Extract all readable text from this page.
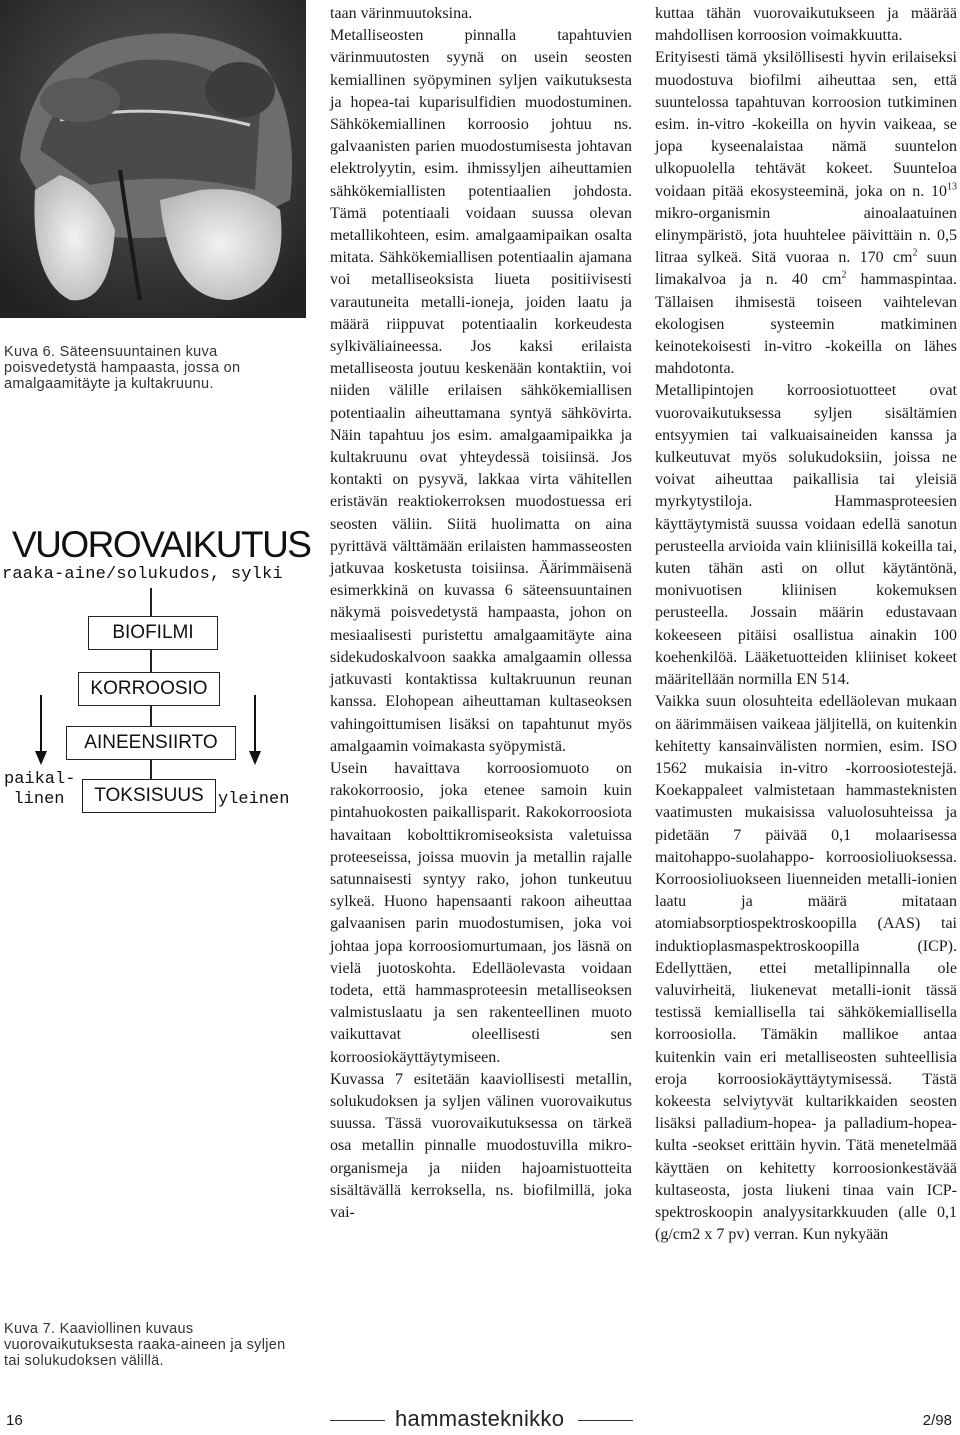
Kuva 6. Säteensuuntainen kuva poisvedetystä hampaasta, jossa on amalgaamitäyte ja kultakruunu.
VUOROVAIKUTUS
raaka-aine/solukudos, sylki
BIOFILMI
KORROOSIO
AINEENSIIRTO
TOKSISUUS
paikal-
linen	yleinen
Kuva 7. Kaaviollinen kuvaus vuorovaikutuksesta raaka-aineen ja syljen tai solukudoksen välillä.

taan värinmuutoksina.

Metalliseosten pinnalla tapahtuvien värinmuutosten syynä on usein seosten kemiallinen syöpyminen syljen vaikutuksesta ja hopea-tai kuparisulfidien muodostuminen. Sähkökemiallinen korroosio johtuu ns. galvaanisten parien muodostumisesta johtavan elektrolyytin, esim. ihmissyljen aiheuttamien sähkökemiallisten potentiaalien johdosta. Tämä potentiaali voidaan suussa olevan metallikohteen, esim. amalgaamipaikan osalta mitata. Sähkökemiallisen potentiaalin ajamana voi metalliseoksista liueta positiivisesti varautuneita metalli-ioneja, joiden laatu ja määrä riippuvat potentiaalin korkeudesta sylkiväliaineessa. Jos kaksi erilaista metalliseosta joutuu keskenään kontaktiin, voi niiden välille erilaisen sähkökemiallisen potentiaalin aiheuttamana syntyä sähkövirta. Näin tapahtuu jos esim. amalgaamipaikka ja kultakruunu ovat yhteydessä toisiinsä. Jos kontakti on pysyvä, lakkaa virta vähitellen eristävän reaktiokerroksen muodostuessa eri seosten väliin. Siitä huolimatta on aina pyrittävä välttämään erilaisten hammasseosten jatkuvaa kosketusta toisiinsa. Äärimmäisenä esimerkkinä on kuvassa 6 säteensuuntainen näkymä poisvedetystä hampaasta, johon on mesiaalisesti puristettu amalgaamitäyte aina sidekudoskalvoon saakka amalgaamin ollessa jatkuvasti kontaktissa kultakruunun reunan kanssa. Elohopean aiheuttaman kultaseoksen vahingoittumisen lisäksi on tapahtunut myös amalgaamin voimakasta syöpymistä.

Usein havaittava korroosiomuoto on rakokorroosio, joka etenee samoin kuin pintahuokosten paikallisparit. Rakokorroosiota havaitaan kobolttikromiseoksista valetuissa proteeseissa, joissa muovin ja metallin rajalle satunnaisesti syntyy rako, johon tunkeutuu sylkeä. Huono hapensaanti rakoon aiheuttaa galvaanisen parin muodostumisen, joka voi johtaa jopa korroosiomurtumaan, jos läsnä on vielä juotoskohta. Edelläolevasta voidaan todeta, että hammasproteesin metalliseoksen valmistuslaatu ja sen rakenteellinen muoto vaikuttavat oleellisesti sen korroosiokäyttäytymiseen.

Kuvassa 7 esitetään kaaviollisesti metallin, solukudoksen ja syljen välinen vuorovaikutus suussa. Tässä vuorovaikutuksessa on tärkeä osa metallin pinnalle muodostuvilla mikro-organismeja ja niiden hajoamistuotteita sisältävällä kerroksella, ns. biofilmillä, joka vai-

kuttaa tähän vuorovaikutukseen ja määrää mahdollisen korroosion voimakkuutta.

Erityisesti tämä yksilöllisesti hyvin erilaiseksi muodostuva biofilmi aiheuttaa sen, että suuntelossa tapahtuvan korroosion tutkiminen esim. in-vitro -kokeilla on hyvin vaikeaa, se jopa kyseenalaistaa nämä suuntelon ulkopuolella tehtävät kokeet. Suunteloa voidaan pitää ekosysteeminä, joka on n. $10^{13}$ mikro-organismin ainoalaatuinen elinympäristö, jota huuhtelee päivittäin n. 0,5 litraa sylkeä. Sitä vuoraa n. 170 $cm^2$ suun limakalvoa ja n. 40 $cm^2$ hammaspintaa. Tällaisen ihmisestä toiseen vaihtelevan ekologisen systeemin matkiminen keinotekoisesti in-vitro -kokeilla on lähes mahdotonta.

Metallipintojen korroosiotuotteet ovat vuorovaikutuksessa syljen sisältämien entsyymien tai valkuaisaineiden kanssa ja kulkeutuvat myös solukudoksiin, joissa ne voivat aiheuttaa paikallisia tai yleisiä myrkytystiloja. Hammasproteesien käyttäytymistä suussa voidaan edellä sanotun perusteella arvioida vain kliinisillä kokeilla tai, kuten tähän asti on ollut käytäntönä, monivuotisen kliinisen kokemuksen perusteella. Jossain määrin edustavaan kokeeseen pitäisi osallistua ainakin 100 koehenkilöä. Lääketuotteiden kliiniset kokeet määritellään normilla EN 514.

Vaikka suun olosuhteita edelläolevan mukaan on äärimmäisen vaikeaa jäljitellä, on kuitenkin kehitetty kansainvälisten normien, esim. ISO 1562 mukaisia in-vitro -korroosiotestejä. Koekappaleet valmistetaan hammasteknisten vaatimusten mukaisissa valuolosuhteissa ja pidetään 7 päivää 0,1 molaarisessa maitohappo-suolahappo- korroosioliuoksessa. Korroosioliuokseen liuenneiden metalli-ionien laatu ja määrä mitataan atomiabsorptiospektroskoopilla (AAS) tai induktioplasmaspektroskoopilla (ICP). Edellyttäen, ettei metallipinnalla ole valuvirheitä, liukenevat metalli-ionit tässä testissä kemiallisella tai sähkökemiallisella korroosiolla. Tämäkin mallikoe antaa kuitenkin vain eri metalliseosten suhteellisia eroja korroosiokäyttäytymisessä. Tästä kokeesta selviytyvät kultarikkaiden seosten lisäksi palladium-hopea- ja palladium-hopea-kulta -seokset erittäin hyvin. Tätä menetelmää käyttäen on kehitetty korroosionkestävää kultaseosta, josta liukeni tinaa vain ICP-spektroskoopin analyysitarkkuuden (alle 0,1 (g/cm2 x 7 pv) verran. Kun nykyään

16	hammasteknikko	2/98
